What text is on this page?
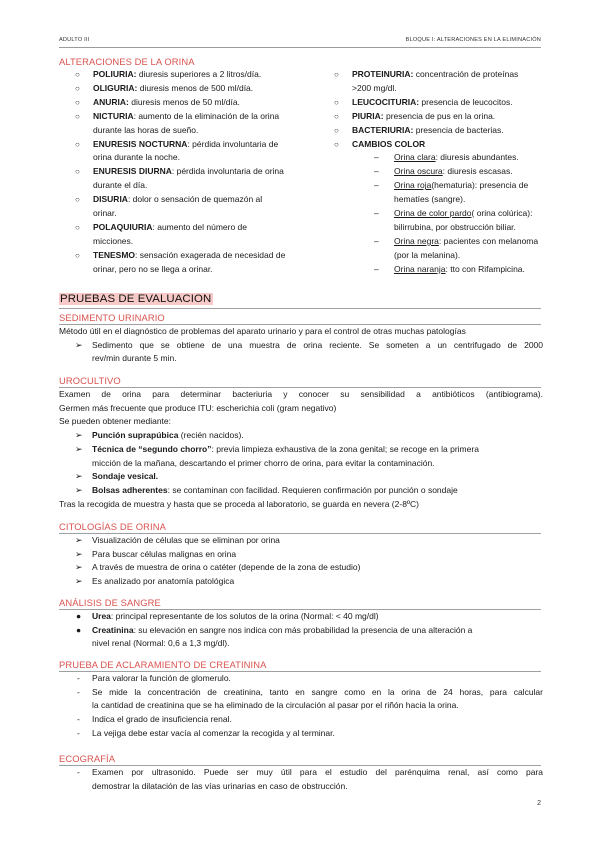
ADULTO III	BLOQUE I: ALTERACIONES EN LA ELIMINACIÓN
ALTERACIONES DE LA ORINA
○ POLIURIA: diuresis superiores a 2 litros/día.
○ OLIGURIA: diuresis menos de 500 ml/día.
○ ANURIA: diuresis menos de 50 ml/día.
○ NICTURIA: aumento de la eliminación de la orina
durante las horas de sueño.
○ ENURESIS NOCTURNA: pérdida involuntaria de
orina durante la noche.
○ ENURESIS DIURNA: pérdida involuntaria de orina
durante el día.
○ DISURIA: dolor o sensación de quemazón al
orinar.
○ POLAQUIURIA: aumento del número de
micciones.
○ TENESMO: sensación exagerada de necesidad de
orinar, pero no se llega a orinar.
○ PROTEINURIA: concentración de proteínas
>200 mg/dl.
○ LEUCOCITURIA: presencia de leucocitos.
○ PIURIA: presencia de pus en la orina.
○ BACTERIURIA: presencia de bacterias.
○ CAMBIOS COLOR
– Orina clara: diuresis abundantes.
– Orina oscura: diuresis escasas.
– Orina roja(hematuria): presencia de
hematíes (sangre).
– Orina de color pardo( orina colúrica):
bilirrubina, por obstrucción biliar.
– Orina negra: pacientes con melanoma
(por la melanina).
– Orina naranja: tto con Rifampicina.
PRUEBAS DE EVALUACION
SEDIMENTO URINARIO
Método útil en el diagnóstico de problemas del aparato urinario y para el control de otras muchas patologías
➢ Sedimento que se obtiene de una muestra de orina reciente. Se someten a un centrifugado de 2000
rev/min durante 5 min.
UROCULTIVO
Examen de orina para determinar bacteriuria y conocer su sensibilidad a antibióticos (antibiograma).
Germen más frecuente que produce ITU: escherichia coli (gram negativo)
Se pueden obtener mediante:
➢ Punción suprapúbica (recién nacidos).
➢ Técnica de “segundo chorro”: previa limpieza exhaustiva de la zona genital; se recoge en la primera
micción de la mañana, descartando el primer chorro de orina, para evitar la contaminación.
➢ Sondaje vesical.
➢ Bolsas adherentes: se contaminan con facilidad. Requieren confirmación por punción o sondaje
Tras la recogida de muestra y hasta que se proceda al laboratorio, se guarda en nevera (2-8ºC)
CITOLOGÍAS DE ORINA
➢ Visualización de células que se eliminan por orina
➢ Para buscar células malignas en orina
➢ A través de muestra de orina o catéter (depende de la zona de estudio)
➢ Es analizado por anatomía patológica
ANÁLISIS DE SANGRE
● Urea: principal representante de los solutos de la orina (Normal: < 40 mg/dl)
● Creatinina: su elevación en sangre nos indica con más probabilidad la presencia de una alteración a
nivel renal (Normal: 0,6 a 1,3 mg/dl).
PRUEBA DE ACLARAMIENTO DE CREATININA
- Para valorar la función de glomerulo.
- Se mide la concentración de creatinina, tanto en sangre como en la orina de 24 horas, para calcular
la cantidad de creatinina que se ha eliminado de la circulación al pasar por el riñón hacia la orina.
- Indica el grado de insuficiencia renal.
- La vejiga debe estar vacía al comenzar la recogida y al terminar.
ECOGRAFÍA
- Examen por ultrasonido. Puede ser muy útil para el estudio del parénquima renal, así como para
demostrar la dilatación de las vías urinarias en caso de obstrucción.
2
